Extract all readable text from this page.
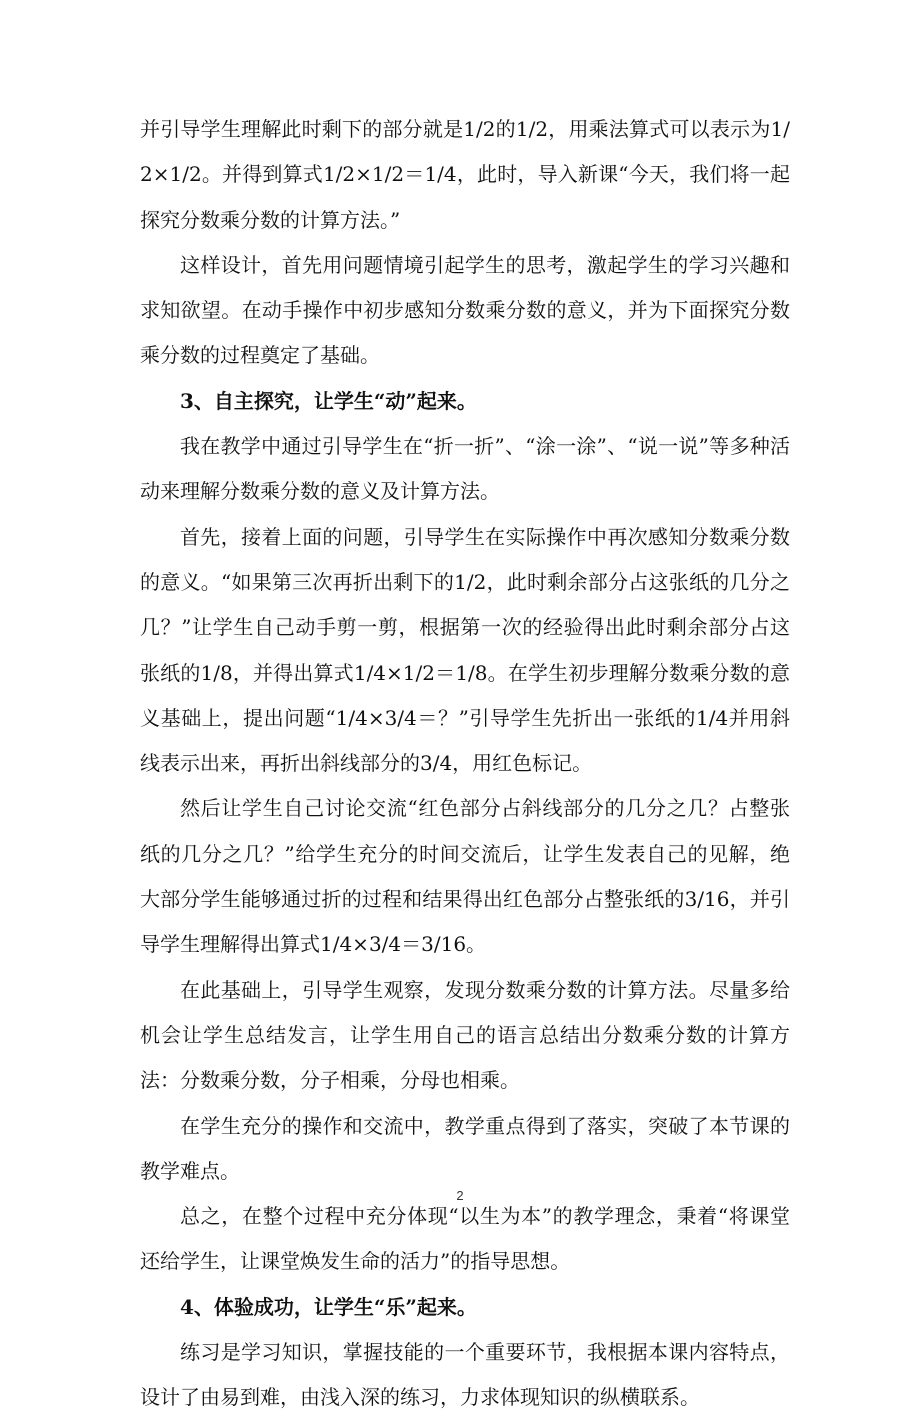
并引导学生理解此时剩下的部分就是1/2的1/2，用乘法算式可以表示为1/2×1/2。并得到算式1/2×1/2＝1/4，此时，导入新课“今天，我们将一起探究分数乘分数的计算方法。”

这样设计，首先用问题情境引起学生的思考，激起学生的学习兴趣和求知欲望。在动手操作中初步感知分数乘分数的意义，并为下面探究分数乘分数的过程奠定了基础。

3、自主探究，让学生“动”起来。

我在教学中通过引导学生在“折一折”、“涂一涂”、“说一说”等多种活动来理解分数乘分数的意义及计算方法。

首先，接着上面的问题，引导学生在实际操作中再次感知分数乘分数的意义。“如果第三次再折出剩下的1/2，此时剩余部分占这张纸的几分之几？”让学生自己动手剪一剪，根据第一次的经验得出此时剩余部分占这张纸的1/8，并得出算式1/4×1/2＝1/8。在学生初步理解分数乘分数的意义基础上，提出问题“1/4×3/4＝？”引导学生先折出一张纸的1/4并用斜线表示出来，再折出斜线部分的3/4，用红色标记。

然后让学生自己讨论交流“红色部分占斜线部分的几分之几？占整张纸的几分之几？”给学生充分的时间交流后，让学生发表自己的见解，绝大部分学生能够通过折的过程和结果得出红色部分占整张纸的3/16，并引导学生理解得出算式1/4×3/4＝3/16。

在此基础上，引导学生观察，发现分数乘分数的计算方法。尽量多给机会让学生总结发言，让学生用自己的语言总结出分数乘分数的计算方法：分数乘分数，分子相乘，分母也相乘。

在学生充分的操作和交流中，教学重点得到了落实，突破了本节课的教学难点。

总之，在整个过程中充分体现“以生为本”的教学理念，秉着“将课堂还给学生，让课堂焕发生命的活力”的指导思想。

4、体验成功，让学生“乐”起来。

练习是学习知识，掌握技能的一个重要环节，我根据本课内容特点，设计了由易到难，由浅入深的练习，力求体现知识的纵横联系。

2
